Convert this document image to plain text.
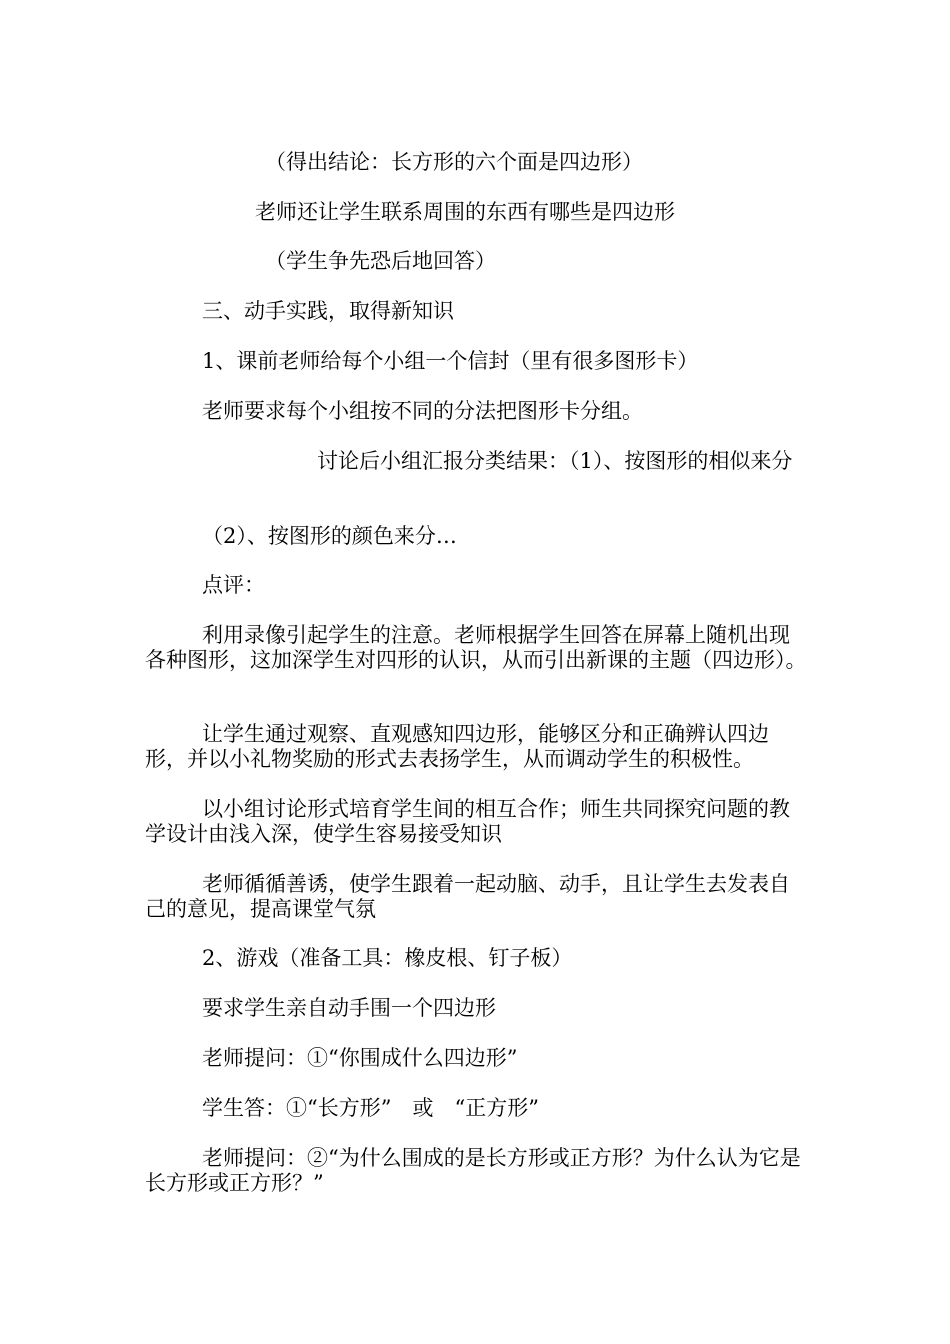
（得出结论：长方形的六个面是四边形）

老师还让学生联系周围的东西有哪些是四边形

（学生争先恐后地回答）

三、动手实践，取得新知识

1、课前老师给每个小组一个信封（里有很多图形卡）

老师要求每个小组按不同的分法把图形卡分组。

讨论后小组汇报分类结果：（1）、按图形的相似来分

（2）、按图形的颜色来分…

点评：

利用录像引起学生的注意。老师根据学生回答在屏幕上随机出现各种图形，这加深学生对四形的认识，从而引出新课的主题（四边形）。

让学生通过观察、直观感知四边形，能够区分和正确辨认四边形，并以小礼物奖励的形式去表扬学生，从而调动学生的积极性。

以小组讨论形式培育学生间的相互合作；师生共同探究问题的教学设计由浅入深，使学生容易接受知识

老师循循善诱，使学生跟着一起动脑、动手，且让学生去发表自己的意见，提高课堂气氛

2、游戏（准备工具：橡皮根、钉子板）

要求学生亲自动手围一个四边形

老师提问：①“你围成什么四边形”

学生答：①“长方形”　或　“正方形”

老师提问：②“为什么围成的是长方形或正方形？为什么认为它是长方形或正方形？”
